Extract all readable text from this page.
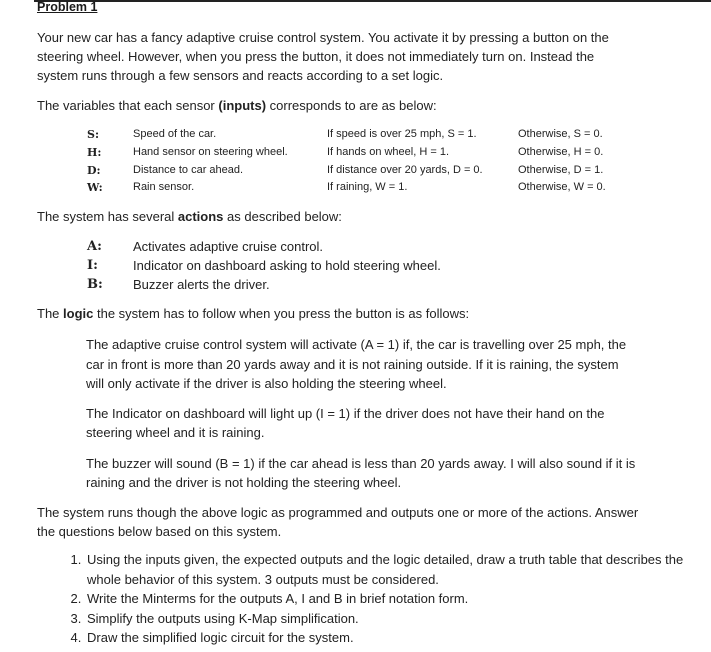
Problem 1
Your new car has a fancy adaptive cruise control system. You activate it by pressing a button on the
steering wheel. However, when you press the button, it does not immediately turn on. Instead the
system runs through a few sensors and reacts according to a set logic.
The variables that each sensor (inputs) corresponds to are as below:
S:	Speed of the car.	If speed is over 25 mph, S = 1.	Otherwise, S = 0.
H:	Hand sensor on steering wheel.	If hands on wheel, H = 1.	Otherwise, H = 0.
D:	Distance to car ahead.	If distance over 20 yards, D = 0.	Otherwise, D = 1.
W:	Rain sensor.	If raining, W = 1.	Otherwise, W = 0.
The system has several actions as described below:
A: Activates adaptive cruise control.
I:	Indicator on dashboard asking to hold steering wheel.
B: Buzzer alerts the driver.
The logic the system has to follow when you press the button is as follows:
The adaptive cruise control system will activate (A = 1) if, the car is travelling over 25 mph, the
car in front is more than 20 yards away and it is not raining outside. If it is raining, the system
will only activate if the driver is also holding the steering wheel.
The Indicator on dashboard will light up (I = 1) if the driver does not have their hand on the
steering wheel and it is raining.
The buzzer will sound (B = 1) if the car ahead is less than 20 yards away. I will also sound if it is
raining and the driver is not holding the steering wheel.
The system runs though the above logic as programmed and outputs one or more of the actions. Answer
the questions below based on this system.
1. Using the inputs given, the expected outputs and the logic detailed, draw a truth table that describes the whole behavior of this system. 3 outputs must be considered.
2. Write the Minterms for the outputs A, I and B in brief notation form.
3. Simplify the outputs using K-Map simplification.
4. Draw the simplified logic circuit for the system.
